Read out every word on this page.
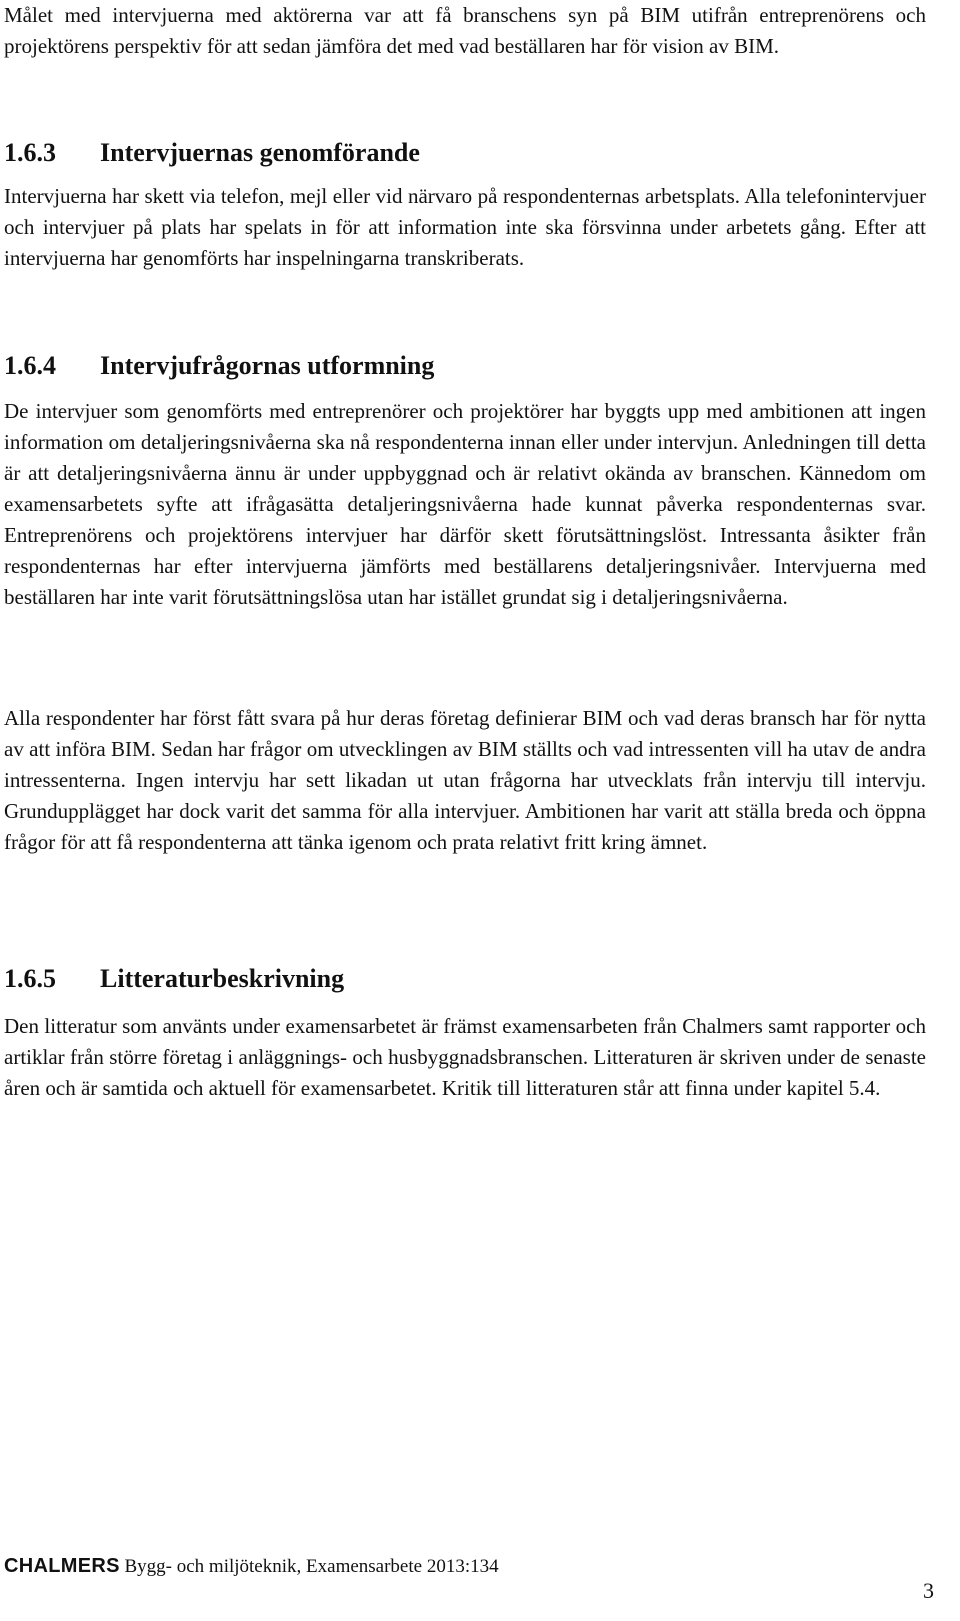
Målet med intervjuerna med aktörerna var att få branschens syn på BIM utifrån entreprenörens och projektörens perspektiv för att sedan jämföra det med vad beställaren har för vision av BIM.

1.6.3 Intervjuernas genomförande

Intervjuerna har skett via telefon, mejl eller vid närvaro på respondenternas arbetsplats. Alla telefonintervjuer och intervjuer på plats har spelats in för att information inte ska försvinna under arbetets gång. Efter att intervjuerna har genomförts har inspelningarna transkriberats.

1.6.4 Intervjufrågornas utformning

De intervjuer som genomförts med entreprenörer och projektörer har byggts upp med ambitionen att ingen information om detaljeringsnivåerna ska nå respondenterna innan eller under intervjun. Anledningen till detta är att detaljeringsnivåerna ännu är under uppbyggnad och är relativt okända av branschen. Kännedom om examensarbetets syfte att ifrågasätta detaljeringsnivåerna hade kunnat påverka respondenternas svar. Entreprenörens och projektörens intervjuer har därför skett förutsättningslöst. Intressanta åsikter från respondenternas har efter intervjuerna jämförts med beställarens detaljeringsnivåer. Intervjuerna med beställaren har inte varit förutsättningslösa utan har istället grundat sig i detaljeringsnivåerna.

Alla respondenter har först fått svara på hur deras företag definierar BIM och vad deras bransch har för nytta av att införa BIM. Sedan har frågor om utvecklingen av BIM ställts och vad intressenten vill ha utav de andra intressenterna. Ingen intervju har sett likadan ut utan frågorna har utvecklats från intervju till intervju. Grundupplägget har dock varit det samma för alla intervjuer. Ambitionen har varit att ställa breda och öppna frågor för att få respondenterna att tänka igenom och prata relativt fritt kring ämnet.

1.6.5 Litteraturbeskrivning

Den litteratur som använts under examensarbetet är främst examensarbeten från Chalmers samt rapporter och artiklar från större företag i anläggnings- och husbyggnadsbranschen. Litteraturen är skriven under de senaste åren och är samtida och aktuell för examensarbetet. Kritik till litteraturen står att finna under kapitel 5.4.

CHALMERS Bygg- och miljöteknik, Examensarbete 2013:134
3
